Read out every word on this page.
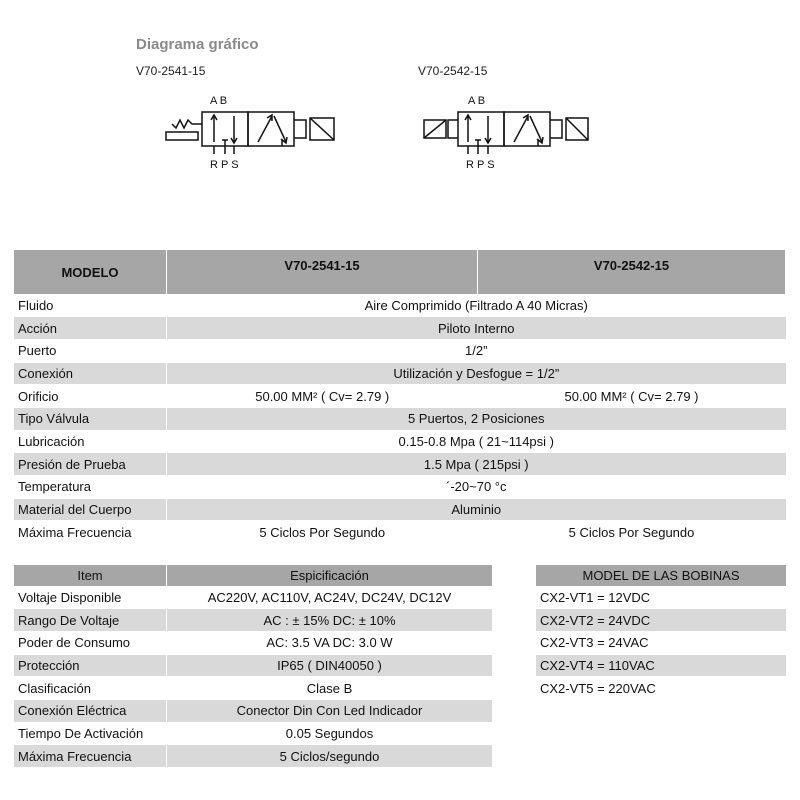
Diagrama gráfico
V70-2541-15	V70-2542-15
A B
R P S
A B
R P S
MODELO	V70-2541-15	V70-2542-15
Fluido	Aire Comprimido (Filtrado A 40 Micras)	
Acción	Piloto Interno	
Puerto	1/2”	
Conexión	Utilización y Desfogue = 1/2”	
Orificio	50.00 MM² ( Cv= 2.79 )	50.00 MM² ( Cv= 2.79 )
Tipo Válvula	5 Puertos, 2 Posiciones	
Lubricación	0.15-0.8 Mpa ( 21~114psi )	
Presión de Prueba	1.5 Mpa ( 215psi )	
Temperatura	´-20~70 °c	
Material del Cuerpo	Aluminio	
Máxima Frecuencia	5 Ciclos Por Segundo	5 Ciclos Por Segundo
Item	Espicificación
Voltaje Disponible	AC220V, AC110V, AC24V, DC24V, DC12V
Rango De Voltaje	AC : ± 15% DC: ± 10%
Poder de Consumo	AC: 3.5 VA DC: 3.0 W
Protección	IP65 ( DIN40050 )
Clasificación	Clase B
Conexión Eléctrica	Conector Din Con Led Indicador
Tiempo De Activación	0.05 Segundos
Máxima Frecuencia	5 Ciclos/segundo
MODEL DE LAS BOBINAS
CX2-VT1 = 12VDC
CX2-VT2 = 24VDC
CX2-VT3 = 24VAC
CX2-VT4 = 110VAC
CX2-VT5 = 220VAC
